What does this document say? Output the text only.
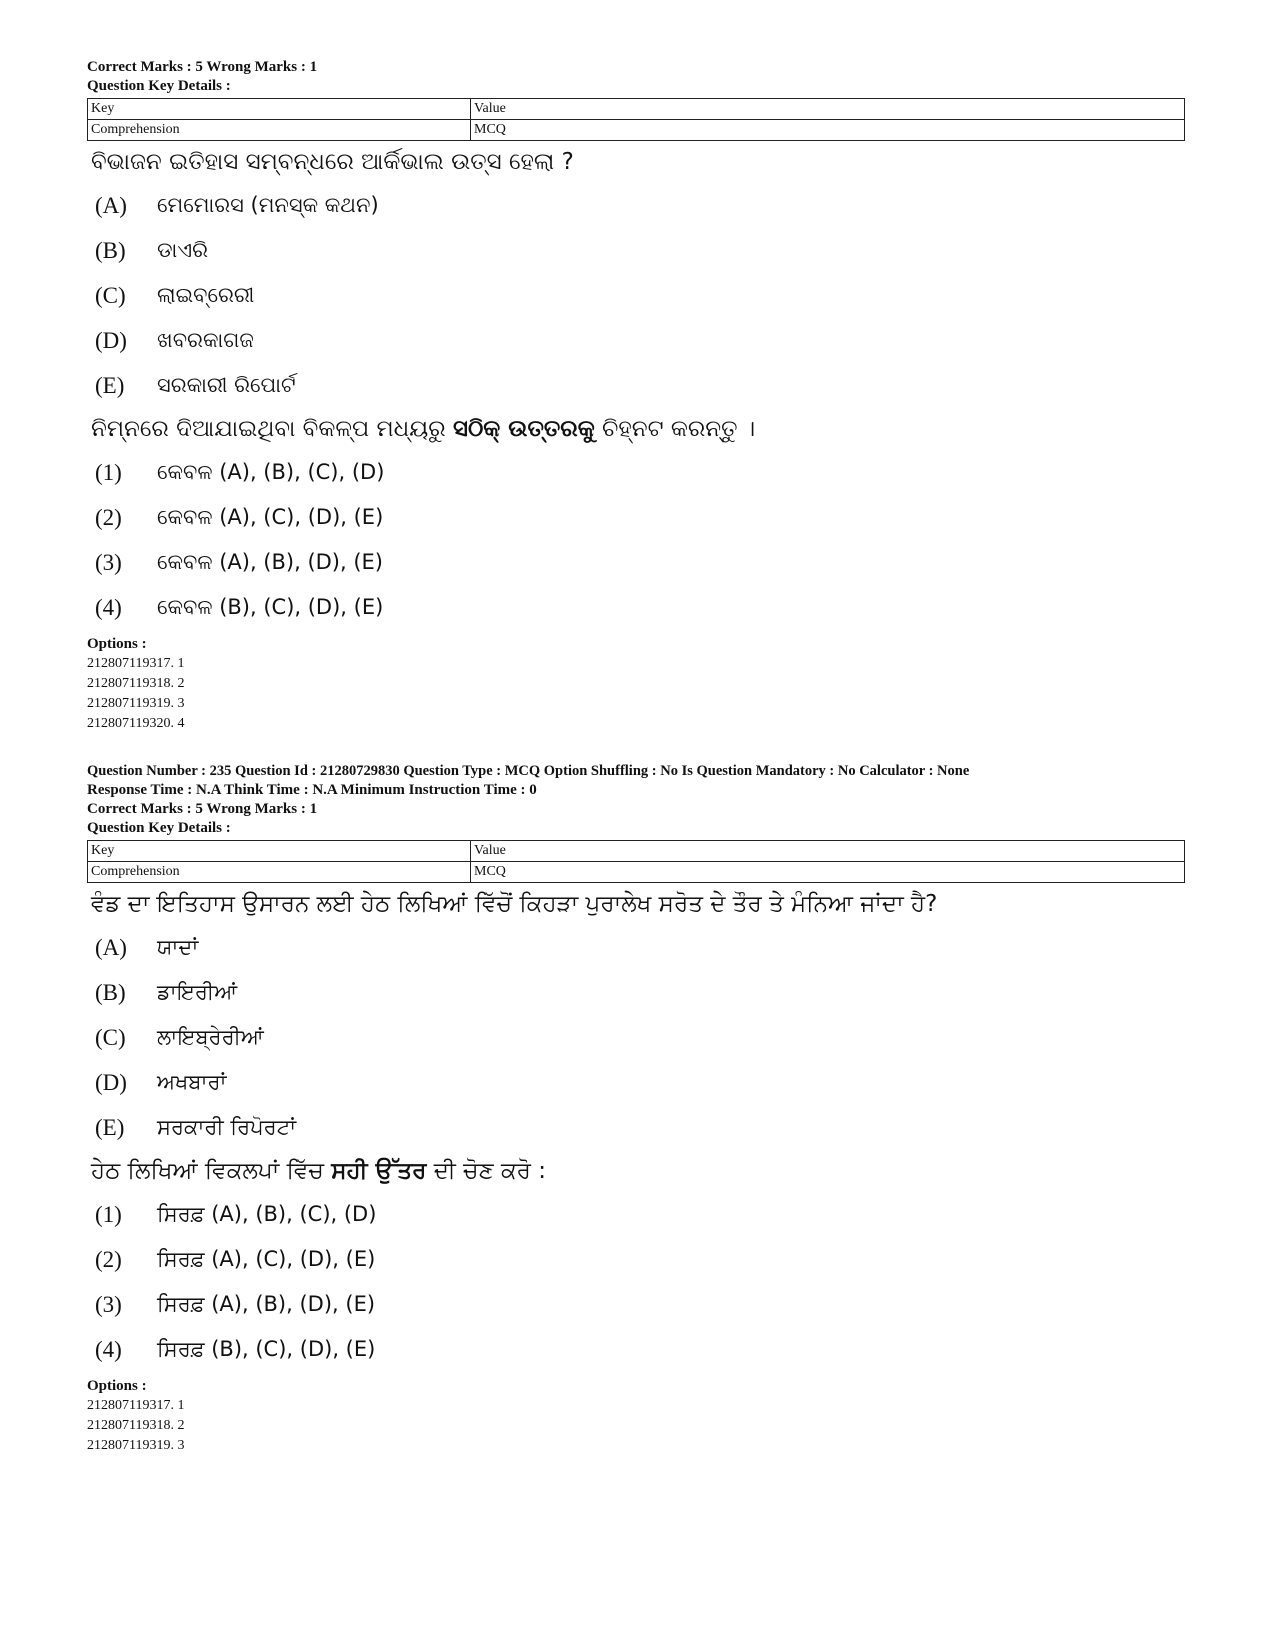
Correct Marks : 5 Wrong Marks : 1
Question Key Details :
Key	Value
Comprehension	MCQ
ବିଭାଜନ ଇତିହାସ ସମ୍ବନ୍ଧରେ ଆର୍କିଭାଲ ଉତ୍ସ ହେଲା ?
(A)	ମେମୋରସ (ମନସ୍କ କଥନ)
(B)	ଡାଏରି
(C)	ଲାଇବ୍ରେରୀ
(D)	ଖବରକାଗଜ
(E)	ସରକାରୀ ରିପୋର୍ଟ
ନିମ୍ନରେ ଦିଆଯାଇଥିବା ବିକଳ୍ପ ମଧ୍ୟରୁ ସଠିକ୍ ଉତ୍ତରକୁ ଚିହ୍ନଟ କରନ୍ତୁ ।
(1)	କେବଳ (A), (B), (C), (D)
(2)	କେବଳ (A), (C), (D), (E)
(3)	କେବଳ (A), (B), (D), (E)
(4)	କେବଳ (B), (C), (D), (E)
Options :
212807119317. 1
212807119318. 2
212807119319. 3
212807119320. 4
Question Number : 235 Question Id : 21280729830 Question Type : MCQ Option Shuffling : No Is Question Mandatory : No Calculator : None
Response Time : N.A Think Time : N.A Minimum Instruction Time : 0
Correct Marks : 5 Wrong Marks : 1
Question Key Details :
Key	Value
Comprehension	MCQ
ਵੰਡ ਦਾ ਇਤਿਹਾਸ ਉਸਾਰਨ ਲਈ ਹੇਠ ਲਿਖਿਆਂ ਵਿੱਚੋਂ ਕਿਹੜਾ ਪੁਰਾਲੇਖ ਸਰੋਤ ਦੇ ਤੌਰ ਤੇ ਮੰਨਿਆ ਜਾਂਦਾ ਹੈ?
(A)	ਯਾਦਾਂ
(B)	ਡਾਇਰੀਆਂ
(C)	ਲਾਇਬ੍ਰੇਰੀਆਂ
(D)	ਅਖਬਾਰਾਂ
(E)	ਸਰਕਾਰੀ ਰਿਪੋਰਟਾਂ
ਹੇਠ ਲਿਖਿਆਂ ਵਿਕਲਪਾਂ ਵਿੱਚ ਸਹੀ ਉੱਤਰ ਦੀ ਚੋਣ ਕਰੋ :
(1)	ਸਿਰਫ਼ (A), (B), (C), (D)
(2)	ਸਿਰਫ਼ (A), (C), (D), (E)
(3)	ਸਿਰਫ਼ (A), (B), (D), (E)
(4)	ਸਿਰਫ਼ (B), (C), (D), (E)
Options :
212807119317. 1
212807119318. 2
212807119319. 3
